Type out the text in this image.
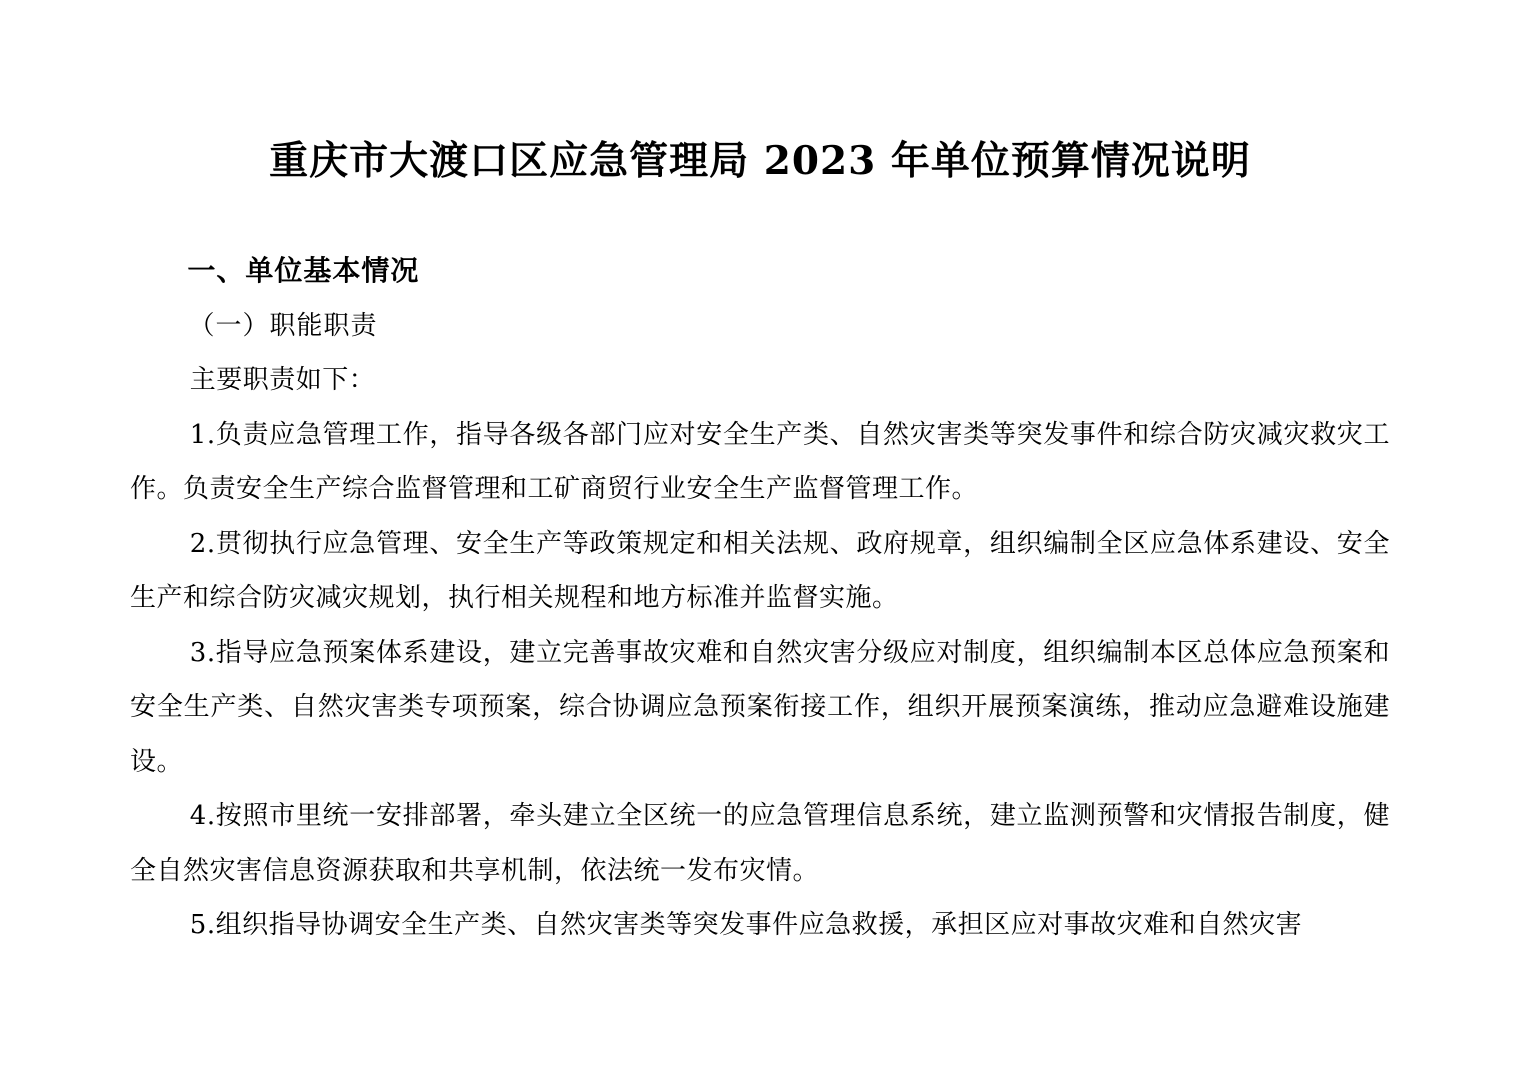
重庆市大渡口区应急管理局 2023 年单位预算情况说明
一、单位基本情况
（一）职能职责

主要职责如下：

1.负责应急管理工作，指导各级各部门应对安全生产类、自然灾害类等突发事件和综合防灾减灾救灾工作。负责安全生产综合监督管理和工矿商贸行业安全生产监督管理工作。

2.贯彻执行应急管理、安全生产等政策规定和相关法规、政府规章，组织编制全区应急体系建设、安全生产和综合防灾减灾规划，执行相关规程和地方标准并监督实施。

3.指导应急预案体系建设，建立完善事故灾难和自然灾害分级应对制度，组织编制本区总体应急预案和安全生产类、自然灾害类专项预案，综合协调应急预案衔接工作，组织开展预案演练，推动应急避难设施建设。

4.按照市里统一安排部署，牵头建立全区统一的应急管理信息系统，建立监测预警和灾情报告制度，健全自然灾害信息资源获取和共享机制，依法统一发布灾情。

5.组织指导协调安全生产类、自然灾害类等突发事件应急救援，承担区应对事故灾难和自然灾害
